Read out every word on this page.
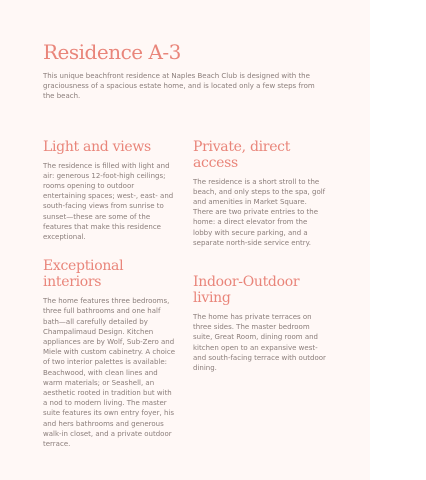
Residence A-3

This unique beachfront residence at Naples Beach Club is designed with the graciousness of a spacious estate home, and is located only a few steps from the beach.

Light and views

The residence is filled with light and air: generous 12-foot-high ceilings; rooms opening to outdoor entertaining spaces; west-, east- and south-facing views from sunrise to sunset—these are some of the features that make this residence exceptional.

Exceptional interiors

The home features three bedrooms, three full bathrooms and one half bath—all carefully detailed by Champalimaud Design. Kitchen appliances are by Wolf, Sub-Zero and Miele with custom cabinetry. A choice of two interior palettes is available: Beachwood, with clean lines and warm materials; or Seashell, an aesthetic rooted in tradition but with a nod to modern living. The master suite features its own entry foyer, his and hers bathrooms and generous walk-in closet, and a private outdoor terrace.

Private, direct access

The residence is a short stroll to the beach, and only steps to the spa, golf and amenities in Market Square. There are two private entries to the home: a direct elevator from the lobby with secure parking, and a separate north-side service entry.

Indoor-Outdoor living

The home has private terraces on three sides. The master bedroom suite, Great Room, dining room and kitchen open to an expansive west- and south-facing terrace with outdoor dining.
